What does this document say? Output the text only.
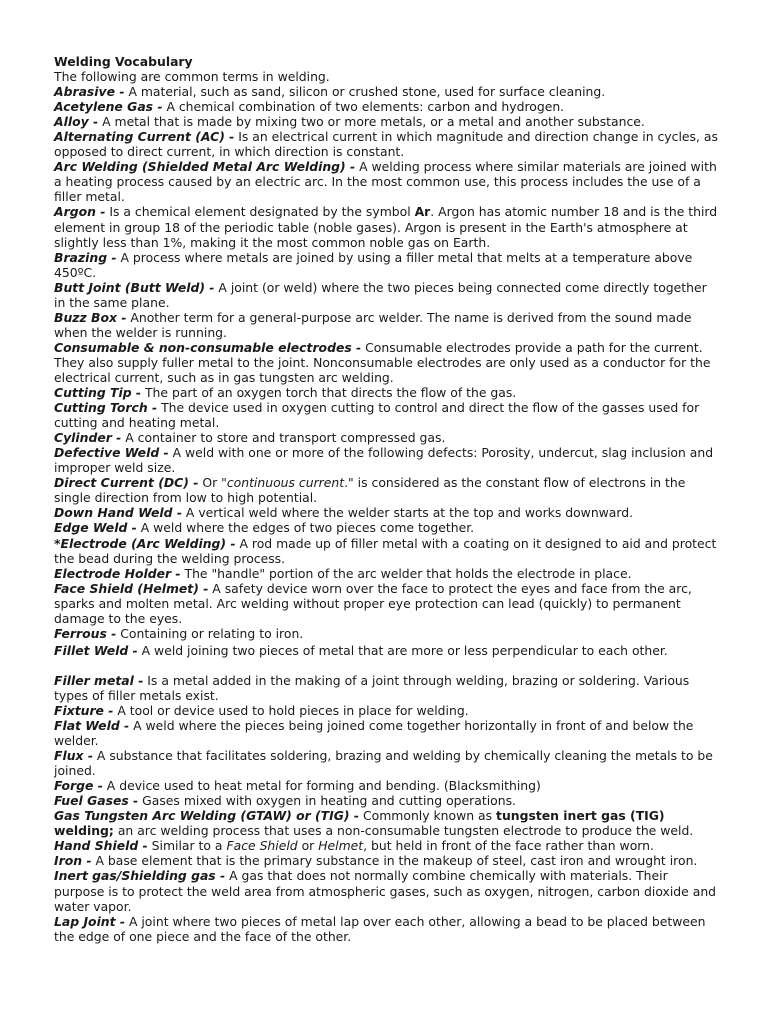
Welding Vocabulary
The following are common terms in welding.

Abrasive - A material, such as sand, silicon or crushed stone, used for surface cleaning.

Acetylene Gas - A chemical combination of two elements: carbon and hydrogen.

Alloy - A metal that is made by mixing two or more metals, or a metal and another substance.

Alternating Current (AC) - Is an electrical current in which magnitude and direction change in cycles, as opposed to direct current, in which direction is constant.

Arc Welding (Shielded Metal Arc Welding) - A welding process where similar materials are joined with a heating process caused by an electric arc. In the most common use, this process includes the use of a filler metal.

Argon - Is a chemical element designated by the symbol Ar. Argon has atomic number 18 and is the third element in group 18 of the periodic table (noble gases). Argon is present in the Earth's atmosphere at slightly less than 1%, making it the most common noble gas on Earth.

Brazing - A process where metals are joined by using a filler metal that melts at a temperature above 450ºC.

Butt Joint (Butt Weld) - A joint (or weld) where the two pieces being connected come directly together in the same plane.

Buzz Box - Another term for a general-purpose arc welder. The name is derived from the sound made when the welder is running.

Consumable & non-consumable electrodes - Consumable electrodes provide a path for the current. They also supply fuller metal to the joint. Nonconsumable electrodes are only used as a conductor for the electrical current, such as in gas tungsten arc welding.

Cutting Tip - The part of an oxygen torch that directs the flow of the gas.

Cutting Torch - The device used in oxygen cutting to control and direct the flow of the gasses used for cutting and heating metal.

Cylinder - A container to store and transport compressed gas.

Defective Weld - A weld with one or more of the following defects: Porosity, undercut, slag inclusion and improper weld size.

Direct Current (DC) - Or "continuous current." is considered as the constant flow of electrons in the single direction from low to high potential.

Down Hand Weld - A vertical weld where the welder starts at the top and works downward.

Edge Weld - A weld where the edges of two pieces come together.

*Electrode (Arc Welding) - A rod made up of filler metal with a coating on it designed to aid and protect the bead during the welding process.

Electrode Holder - The "handle" portion of the arc welder that holds the electrode in place.

Face Shield (Helmet) - A safety device worn over the face to protect the eyes and face from the arc, sparks and molten metal. Arc welding without proper eye protection can lead (quickly) to permanent damage to the eyes.

Ferrous - Containing or relating to iron.

Fillet Weld - A weld joining two pieces of metal that are more or less perpendicular to each other.

Filler metal - Is a metal added in the making of a joint through welding, brazing or soldering. Various types of filler metals exist.

Fixture - A tool or device used to hold pieces in place for welding.

Flat Weld - A weld where the pieces being joined come together horizontally in front of and below the welder.

Flux - A substance that facilitates soldering, brazing and welding by chemically cleaning the metals to be joined.

Forge - A device used to heat metal for forming and bending. (Blacksmithing)

Fuel Gases - Gases mixed with oxygen in heating and cutting operations.

Gas Tungsten Arc Welding (GTAW) or (TIG) - Commonly known as tungsten inert gas (TIG) welding; an arc welding process that uses a non-consumable tungsten electrode to produce the weld.

Hand Shield - Similar to a Face Shield or Helmet, but held in front of the face rather than worn.

Iron - A base element that is the primary substance in the makeup of steel, cast iron and wrought iron.

Inert gas/Shielding gas - A gas that does not normally combine chemically with materials. Their purpose is to protect the weld area from atmospheric gases, such as oxygen, nitrogen, carbon dioxide and water vapor.

Lap Joint - A joint where two pieces of metal lap over each other, allowing a bead to be placed between the edge of one piece and the face of the other.
